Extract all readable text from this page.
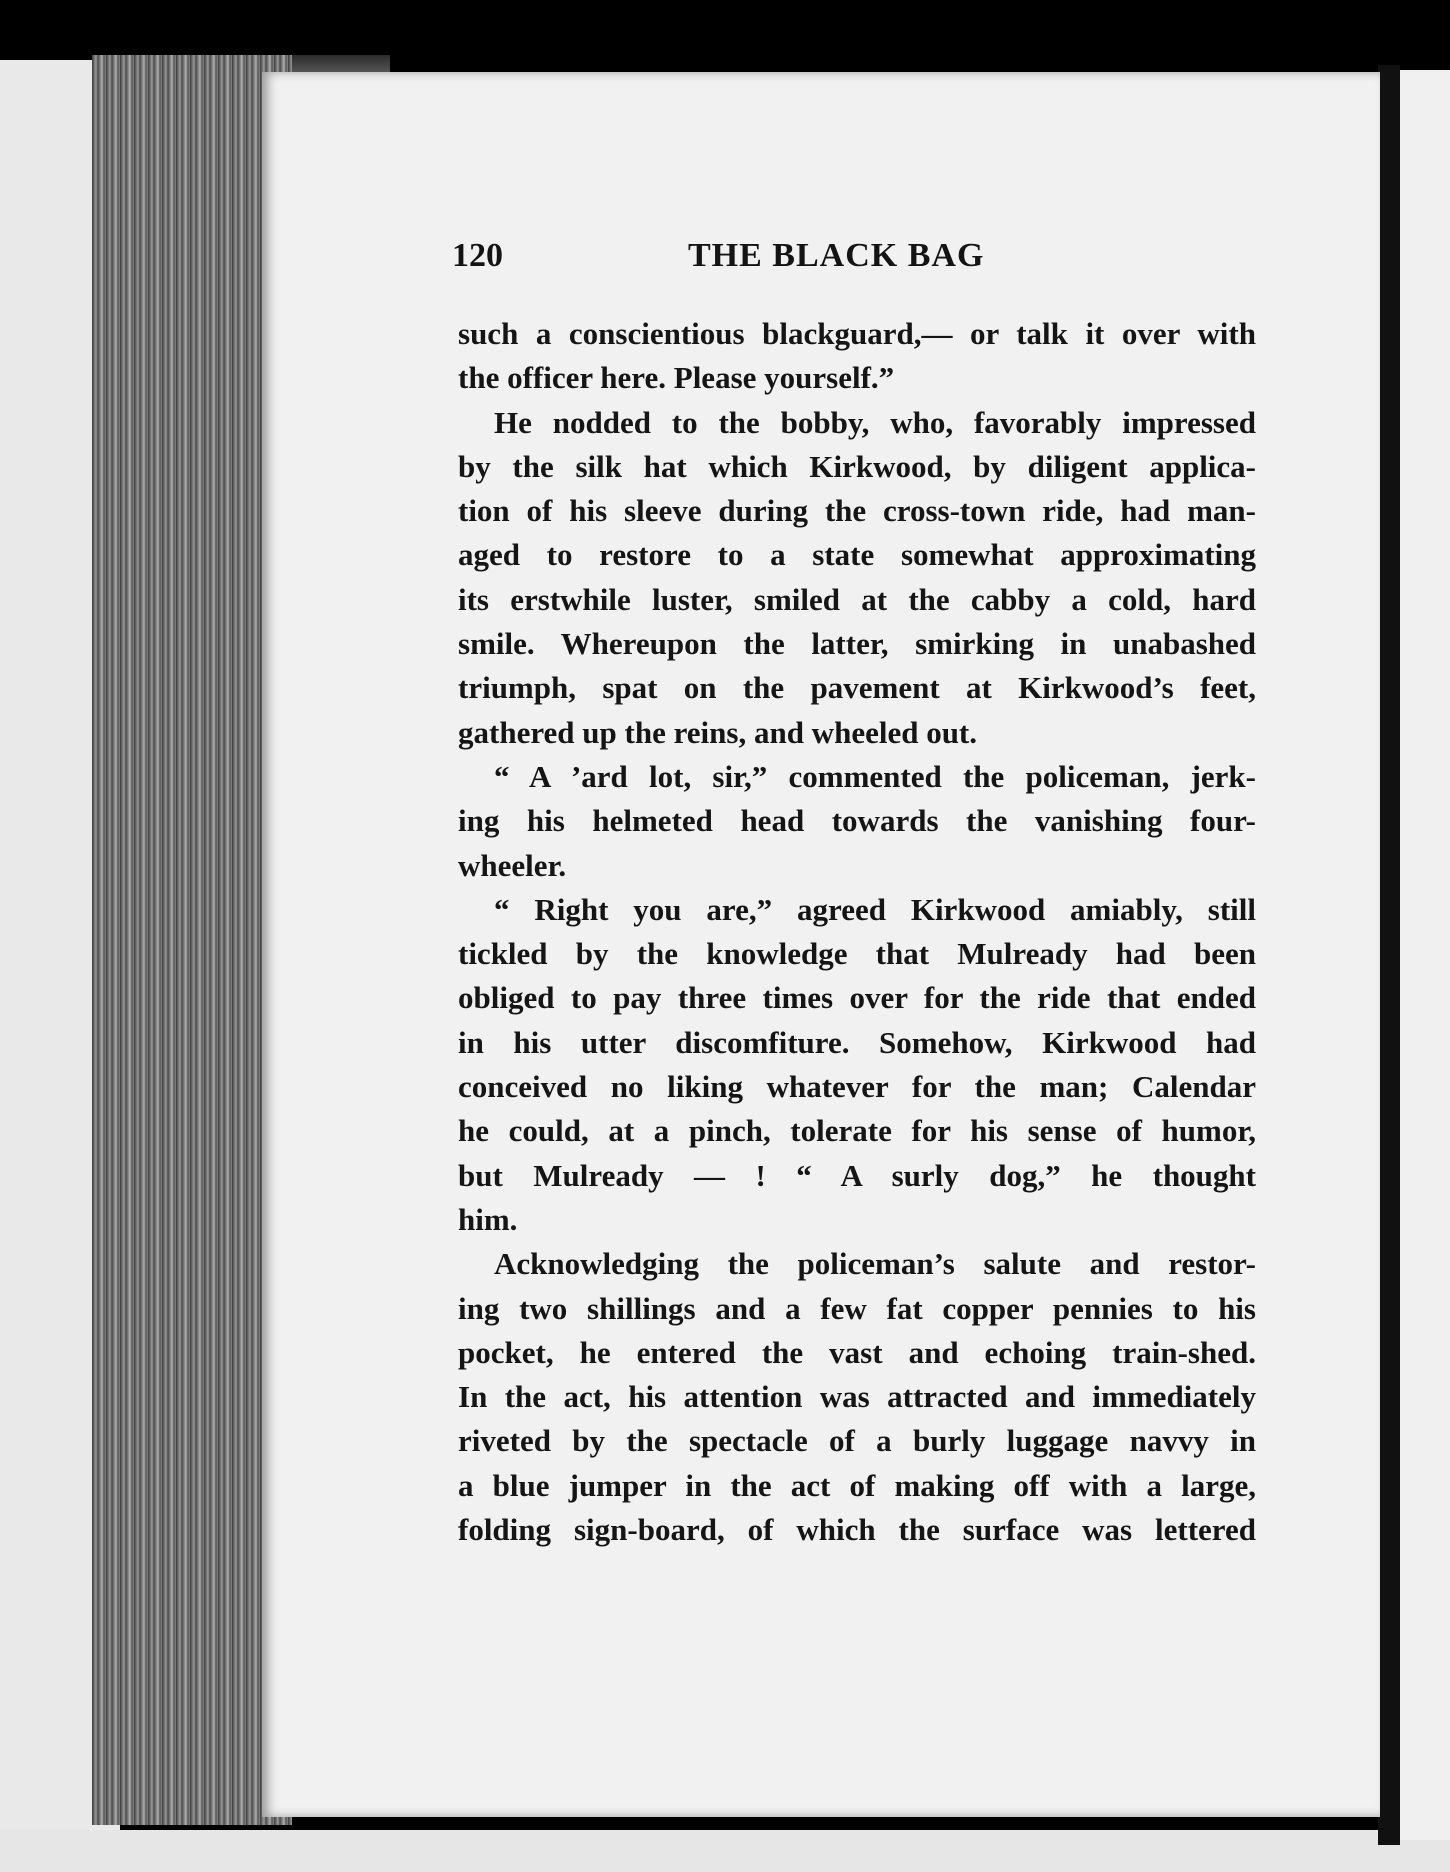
120	THE BLACK BAG
such a conscientious blackguard,— or talk it over with
the officer here. Please yourself.”
He nodded to the bobby, who, favorably impressed
by the silk hat which Kirkwood, by diligent applica-
tion of his sleeve during the cross-town ride, had man-
aged to restore to a state somewhat approximating
its erstwhile luster, smiled at the cabby a cold, hard
smile. Whereupon the latter, smirking in unabashed
triumph, spat on the pavement at Kirkwood’s feet,
gathered up the reins, and wheeled out.
“ A ’ard lot, sir,” commented the policeman, jerk-
ing his helmeted head towards the vanishing four-
wheeler.
“ Right you are,” agreed Kirkwood amiably, still
tickled by the knowledge that Mulready had been
obliged to pay three times over for the ride that ended
in his utter discomfiture. Somehow, Kirkwood had
conceived no liking whatever for the man; Calendar
he could, at a pinch, tolerate for his sense of humor,
but Mulready — ! “ A surly dog,” he thought
him.
Acknowledging the policeman’s salute and restor-
ing two shillings and a few fat copper pennies to his
pocket, he entered the vast and echoing train-shed.
In the act, his attention was attracted and immediately
riveted by the spectacle of a burly luggage navvy in
a blue jumper in the act of making off with a large,
folding sign-board, of which the surface was lettered
